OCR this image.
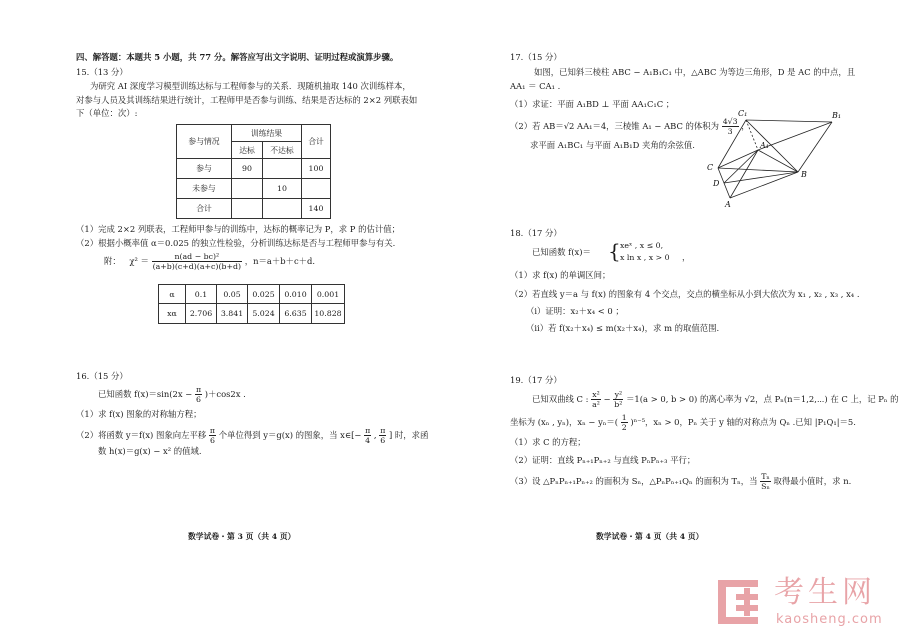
四、解答题：本题共 5 小题，共 77 分。解答应写出文字说明、证明过程或演算步骤。
15.（13 分）
为研究 AI 深度学习模型训练达标与工程师参与的关系．现随机抽取 140 次训练样本，
对参与人员及其训练结果进行统计，工程师甲是否参与训练、结果是否达标的 2×2 列联表如
下（单位：次）:
参与情况	训练结果		合计
	达标	不达标	
参与	90		100
未参与		10	
合计			140
（1）完成 2×2 列联表，工程师甲参与的训练中，达标的概率记为 P，求 P 的估计值；
（2）根据小概率值 α＝0.025 的独立性检验，分析训练达标是否与工程师甲参与有关.
附： $\chi^2 = \frac{\text{n(ad − bc)²}}{(a+b)(c+d)(a+c)(b+d)}$ ，n＝a＋b＋c＋d.
α	0.1	0.05	0.025	0.010	0.001
xα	2.706	3.841	5.024	6.635	10.828
16.（15 分）
已知函数 $f(x)=\sin(2x - \frac{\pi}{6} )+\cos 2x$ .
（1）求 f(x) 图象的对称轴方程；
（2）将函数 y＝f(x) 图象向左平移 $\frac{\pi}{6}$ 个单位得到 y＝g(x) 的图象，当 x∈[− $\frac{\pi}{4}$ , $\frac{\pi}{6}$ ] 时，求函
数 h(x)＝g(x) − x² 的值域.
数学试卷・第 3 页（共 4 页）
17.（15 分）
如图，已知斜三棱柱 ABC − A₁B₁C₁ 中，△ABC 为等边三角形，D 是 AC 的中点，且
AA₁ ＝ CA₁ .
（1）求证：平面 A₁BD ⊥ 平面 AA₁C₁C ；
（2）若 AB＝√2 AA₁＝4，三棱锥 A₁ − ABC 的体积为 $\frac{4√3}{3}$ ，
求平面 A₁BC₁ 与平面 A₁B₁D 夹角的余弦值.
C₁	B₁
A₁
C
B
D
A
18.（17 分）
已知函数 f(x)＝ { xeˣ , x ≤ 0,
x ln x , x > 0 ，
（1）求 f(x) 的单调区间；
（2）若直线 y＝a 与 f(x) 的图象有 4 个交点，交点的横坐标从小到大依次为 x₁ , x₂ , x₃ , x₄ .
（i）证明：x₂＋x₄ < 0 ；
（ii）若 f(x₂＋x₄) ≤ m(x₂＋x₄)，求 m 的取值范围.
19.（17 分）
已知双曲线 C : $\frac{\text{x²}}{\text{a²}} - \frac{\text{y²}}{\text{b²}} =1(a > 0$, b > 0) 的离心率为 √2，点 Pₙ(n＝1,2,⋯) 在 C 上，记 Pₙ 的
坐标为 (xₙ , yₙ)，$x_n - y_n=( \frac{1}{2} )^{n-5}$，xₙ > 0，Pₙ 关于 y 轴的对称点为 Qₙ .已知 |P₁Q₁|＝5.
（1）求 C 的方程；
（2）证明：直线 Pₙ₊₁Pₙ₊₂ 与直线 PₙPₙ₊₃ 平行；
（3）设 △PₙPₙ₊₁Pₙ₊₂ 的面积为 Sₙ，△PₙPₙ₊₁Qₙ 的面积为 Tₙ，当 $\frac{\text{Tₙ}}{\text{Sₙ}}$ 取得最小值时，求 n.
数学试卷・第 4 页（共 4 页）
考生网
kaosheng.com
